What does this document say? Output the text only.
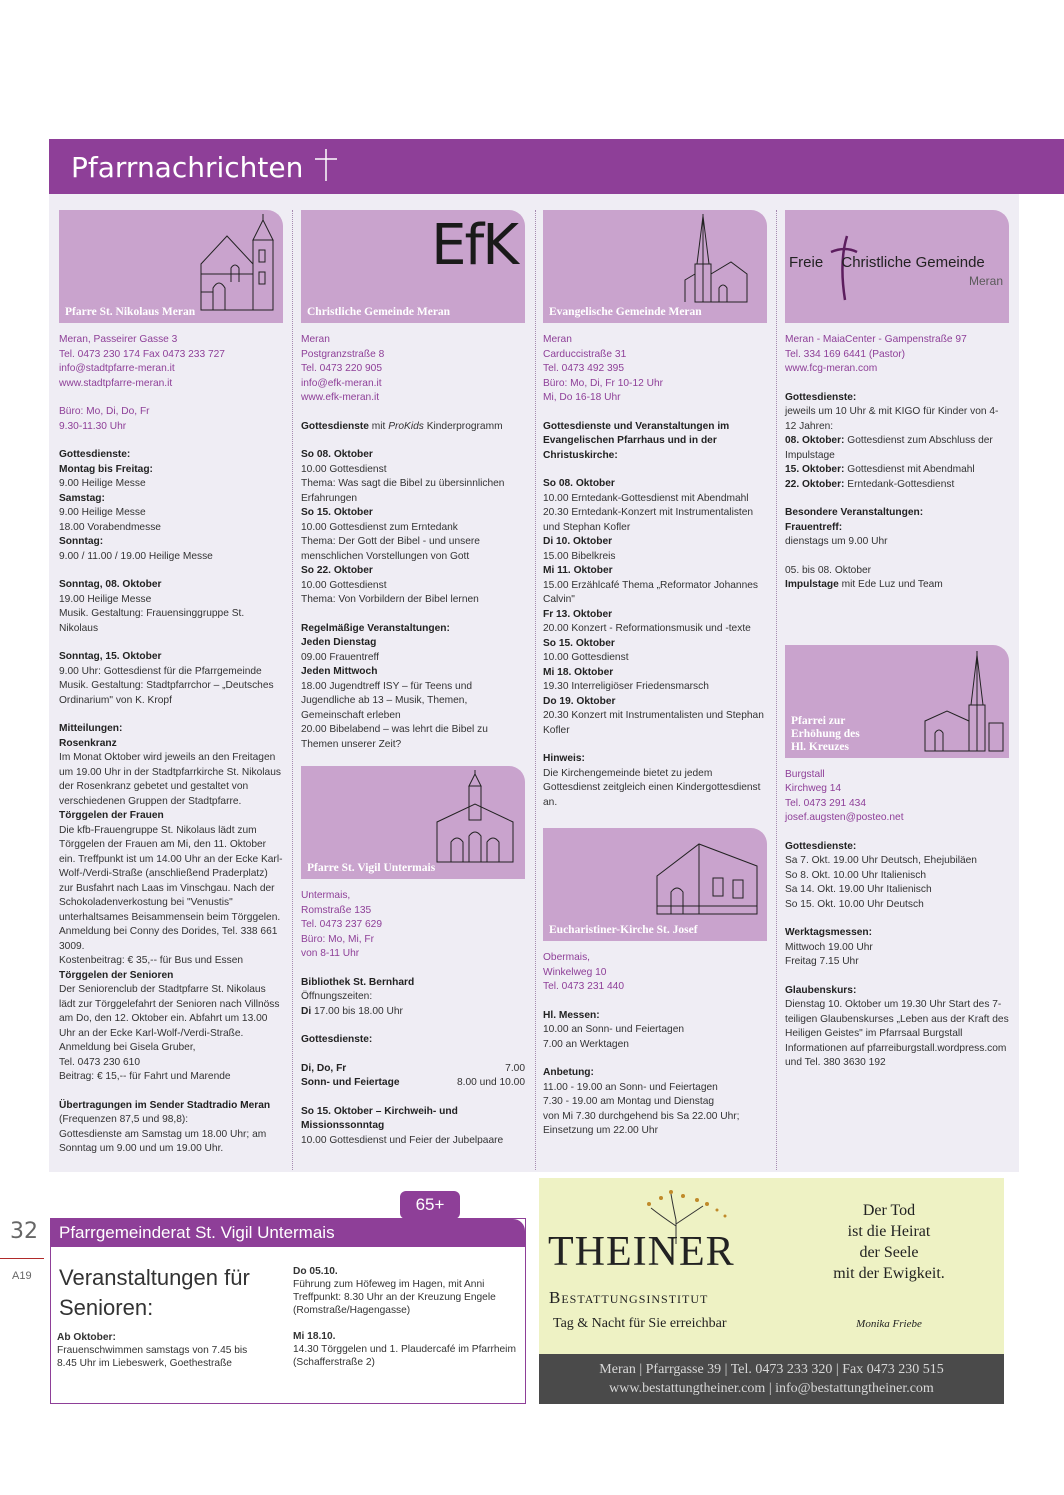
Pfarrnachrichten
Pfarre St. Nikolaus Meran

Meran, Passeirer Gasse 3
Tel. 0473 230 174 Fax 0473 233 727
info@stadtpfarre-meran.it
www.stadtpfarre-meran.it

Büro: Mo, Di, Do, Fr
9.30-11.30 Uhr

Gottesdienste:
Montag bis Freitag:
9.00 Heilige Messe
Samstag:
9.00 Heilige Messe
18.00 Vorabendmesse
Sonntag:
9.00 / 11.00 / 19.00 Heilige Messe

Sonntag, 08. Oktober
19.00 Heilige Messe
Musik. Gestaltung: Frauensinggruppe St. Nikolaus

Sonntag, 15. Oktober
9.00 Uhr: Gottesdienst für die Pfarrgemeinde
Musik. Gestaltung: Stadtpfarrchor – „Deutsches Ordinarium" von K. Kropf

Mitteilungen:
Rosenkranz
Im Monat Oktober wird jeweils an den Freitagen um 19.00 Uhr in der Stadtpfarrkirche St. Nikolaus der Rosenkranz gebetet und gestaltet von verschiedenen Gruppen der Stadtpfarre.
Törggelen der Frauen
Die kfb-Frauengruppe St. Nikolaus lädt zum Törggelen der Frauen am Mi, den 11. Oktober ein. Treffpunkt ist um 14.00 Uhr an der Ecke Karl-Wolf-/Verdi-Straße (anschließend Praderplatz) zur Busfahrt nach Laas im Vinschgau. Nach der Schokoladenverkostung bei "Venustis" unterhaltsames Beisammensein beim Törggelen. Anmeldung bei Conny des Dorides, Tel. 338 661 3009.
Kostenbeitrag: € 35,-- für Bus und Essen
Törggelen der Senioren
Der Seniorenclub der Stadtpfarre St. Nikolaus lädt zur Törggelefahrt der Senioren nach Villnöss am Do, den 12. Oktober ein. Abfahrt um 13.00 Uhr an der Ecke Karl-Wolf-/Verdi-Straße. Anmeldung bei Gisela Gruber,
Tel. 0473 230 610
Beitrag: € 15,-- für Fahrt und Marende

Übertragungen im Sender Stadtradio Meran (Frequenzen 87,5 und 98,8):
Gottesdienste am Samstag um 18.00 Uhr; am Sonntag um 9.00 und um 19.00 Uhr.

EfK
Christliche Gemeinde Meran

Meran
Postgranzstraße 8
Tel. 0473 220 905
info@efk-meran.it
www.efk-meran.it

Gottesdienste mit ProKids Kinderprogramm

So 08. Oktober
10.00 Gottesdienst
Thema: Was sagt die Bibel zu übersinnlichen Erfahrungen
So 15. Oktober
10.00 Gottesdienst zum Erntedank
Thema: Der Gott der Bibel - und unsere menschlichen Vorstellungen von Gott
So 22. Oktober
10.00 Gottesdienst
Thema: Von Vorbildern der Bibel lernen

Regelmäßige Veranstaltungen:
Jeden Dienstag
09.00 Frauentreff
Jeden Mittwoch
18.00 Jugendtreff ISY – für Teens und Jugendliche ab 13 – Musik, Themen, Gemeinschaft erleben
20.00 Bibelabend – was lehrt die Bibel zu Themen unserer Zeit?

Pfarre St. Vigil Untermais

Untermais,
Romstraße 135
Tel. 0473 237 629
Büro: Mo, Mi, Fr
von 8-11 Uhr

Bibliothek St. Bernhard
Öffnungszeiten:
Di 17.00 bis 18.00 Uhr

Gottesdienste:

Di, Do, Fr	7.00
Sonn- und Feiertage	8.00 und 10.00

So 15. Oktober – Kirchweih- und Missionssonntag
10.00 Gottesdienst und Feier der Jubelpaare

Evangelische Gemeinde Meran

Meran
Carduccistraße 31
Tel. 0473 492 395
Büro: Mo, Di, Fr 10-12 Uhr
Mi, Do 16-18 Uhr

Gottesdienste und Veranstaltungen im Evangelischen Pfarrhaus und in der Christuskirche:

So 08. Oktober
10.00 Erntedank-Gottesdienst mit Abendmahl
20.30 Erntedank-Konzert mit Instrumentalisten und Stephan Kofler
Di 10. Oktober
15.00 Bibelkreis
Mi 11. Oktober
15.00 Erzählcafé Thema „Reformator Johannes Calvin"
Fr 13. Oktober
20.00 Konzert - Reformationsmusik und -texte
So 15. Oktober
10.00 Gottesdienst
Mi 18. Oktober
19.30 Interreligiöser Friedensmarsch
Do 19. Oktober
20.30 Konzert mit Instrumentalisten und Stephan Kofler

Hinweis:
Die Kirchengemeinde bietet zu jedem Gottesdienst zeitgleich einen Kindergottesdienst an.

Eucharistiner-Kirche St. Josef

Obermais,
Winkelweg 10
Tel. 0473 231 440

Hl. Messen:
10.00 an Sonn- und Feiertagen
7.00 an Werktagen

Anbetung:
11.00 - 19.00 an Sonn- und Feiertagen
7.30 - 19.00 am Montag und Dienstag
von Mi 7.30 durchgehend bis Sa 22.00 Uhr;
Einsetzung um 22.00 Uhr

Freie Christliche Gemeinde
Meran

Meran - MaiaCenter - Gampenstraße 97
Tel. 334 169 6441 (Pastor)
www.fcg-meran.com

Gottesdienste:
jeweils um 10 Uhr & mit KIGO für Kinder von 4-12 Jahren:
08. Oktober: Gottesdienst zum Abschluss der Impulstage
15. Oktober: Gottesdienst mit Abendmahl
22. Oktober: Erntedank-Gottesdienst

Besondere Veranstaltungen:
Frauentreff:
dienstags um 9.00 Uhr

05. bis 08. Oktober
Impulstage mit Ede Luz und Team

Pfarrei zur
Erhöhung des
Hl. Kreuzes

Burgstall
Kirchweg 14
Tel. 0473 291 434
josef.augsten@posteo.net

Gottesdienste:
Sa 7. Okt. 19.00 Uhr Deutsch, Ehejubiläen
So 8. Okt. 10.00 Uhr Italienisch
Sa 14. Okt. 19.00 Uhr Italienisch
So 15. Okt. 10.00 Uhr Deutsch

Werktagsmessen:
Mittwoch 19.00 Uhr
Freitag 7.15 Uhr

Glaubenskurs:
Dienstag 10. Oktober um 19.30 Uhr Start des 7-teiligen Glaubenskurses „Leben aus der Kraft des Heiligen Geistes" im Pfarrsaal Burgstall
Informationen auf pfarreiburgstall.wordpress.com und Tel. 380 3630 192

32
A19
65+
Pfarrgemeinderat St. Vigil Untermais
Veranstaltungen für Senioren:
Ab Oktober:
Frauenschwimmen samstags von 7.45 bis 8.45 Uhr im Liebeswerk, Goethestraße
Do 05.10.
Führung zum Höfeweg im Hagen, mit Anni
Treffpunkt: 8.30 Uhr an der Kreuzung Engele (Romstraße/Hagengasse)

Mi 18.10.
14.30 Törggelen und 1. Plaudercafé im Pfarrheim (Schafferstraße 2)
THEINER
Bestattungsinstitut
Tag & Nacht für Sie erreichbar
Der Tod
ist die Heirat
der Seele
mit der Ewigkeit.
Monika Friebe
Meran | Pfarrgasse 39 | Tel. 0473 233 320 | Fax 0473 230 515
www.bestattungtheiner.com | info@bestattungtheiner.com
